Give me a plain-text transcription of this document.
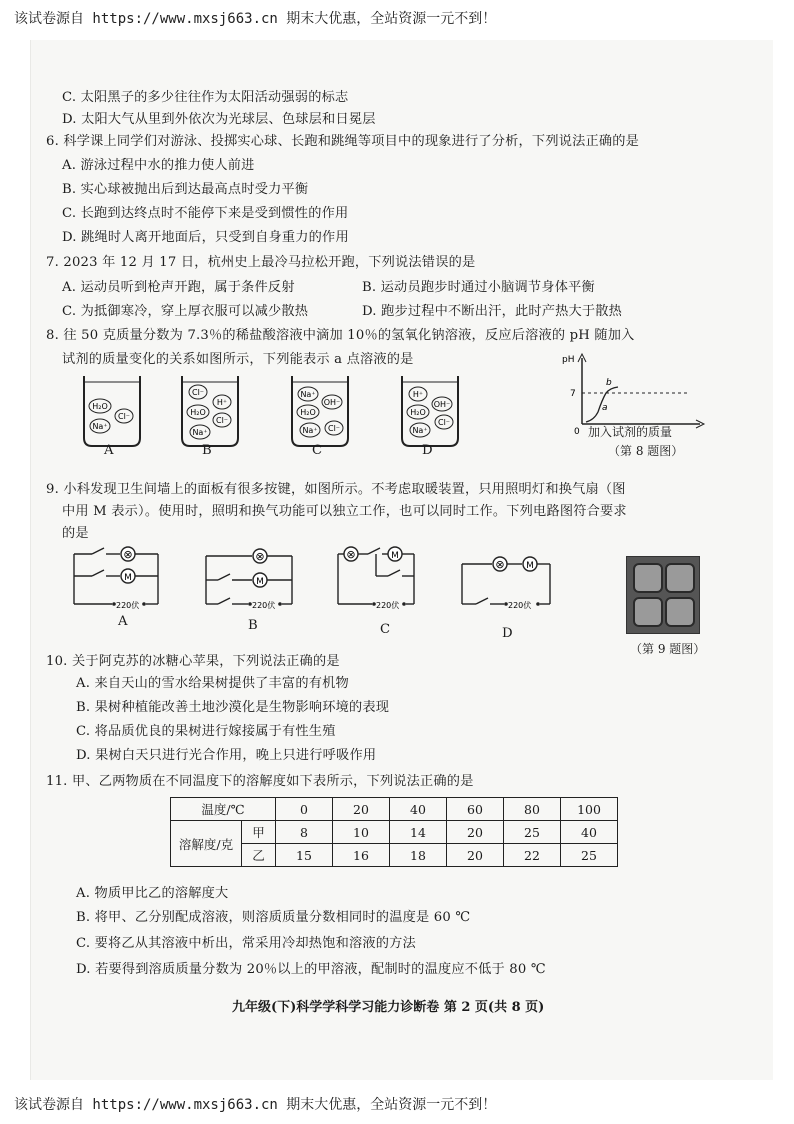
该试卷源自 https://www.mxsj663.cn 期末大优惠，全站资源一元不到！
C. 太阳黑子的多少往往作为太阳活动强弱的标志
D. 太阳大气从里到外依次为光球层、色球层和日冕层
6. 科学课上同学们对游泳、投掷实心球、长跑和跳绳等项目中的现象进行了分析，下列说法正确的是
A. 游泳过程中水的推力使人前进
B. 实心球被抛出后到达最高点时受力平衡
C. 长跑到达终点时不能停下来是受到惯性的作用
D. 跳绳时人离开地面后，只受到自身重力的作用
7. 2023 年 12 月 17 日，杭州史上最冷马拉松开跑，下列说法错误的是
A. 运动员听到枪声开跑，属于条件反射	B. 运动员跑步时通过小脑调节身体平衡
C. 为抵御寒冷，穿上厚衣服可以减少散热	D. 跑步过程中不断出汗，此时产热大于散热
8. 往 50 克质量分数为 7.3％的稀盐酸溶液中滴加 10％的氢氧化钠溶液，反应后溶液的 pH 随加入
试剂的质量变化的关系如图所示，下列能表示 a 点溶液的是
H₂O
Cl⁻
Na⁺
Cl⁻
H⁺
H₂O
Cl⁻
Na⁺
Na⁺
OH⁻
H₂O
Na⁺ Cl⁻
H⁺
OH⁻
H₂O
Cl⁻
Na⁺
A	B	C	D
pH
7
0
a
b
加入试剂的质量
（第 8 题图）
9. 小科发现卫生间墙上的面板有很多按键，如图所示。不考虑取暖装置，只用照明灯和换气扇（图
中用 M 表示）。使用时，照明和换气功能可以独立工作，也可以同时工作。下列电路图符合要求
的是
⊗
M
220伏
⊗
M
220伏
⊗	M
220伏
⊗ M
220伏
A	B	C	D
（第 9 题图）
10. 关于阿克苏的冰糖心苹果，下列说法正确的是
A. 来自天山的雪水给果树提供了丰富的有机物
B. 果树种植能改善土地沙漠化是生物影响环境的表现
C. 将品质优良的果树进行嫁接属于有性生殖
D. 果树白天只进行光合作用，晚上只进行呼吸作用
11. 甲、乙两物质在不同温度下的溶解度如下表所示，下列说法正确的是
温度/℃		0	20	40	60	80	100
溶解度/克	甲	8	10	14	20	25	40
	乙	15	16	18	20	22	25
A. 物质甲比乙的溶解度大
B. 将甲、乙分别配成溶液，则溶质质量分数相同时的温度是 60 ℃
C. 要将乙从其溶液中析出，常采用冷却热饱和溶液的方法
D. 若要得到溶质质量分数为 20％以上的甲溶液，配制时的温度应不低于 80 ℃
九年级(下)科学学科学习能力诊断卷 第 2 页(共 8 页)
该试卷源自 https://www.mxsj663.cn 期末大优惠，全站资源一元不到！
